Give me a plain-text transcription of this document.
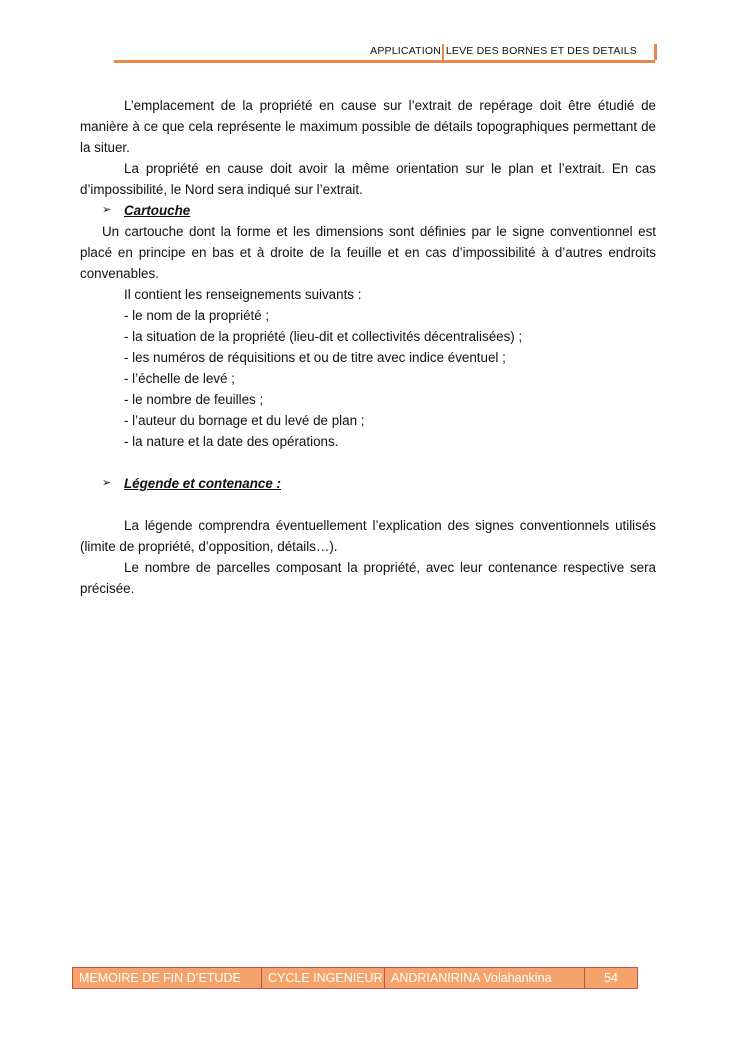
APPLICATION LEVE DES BORNES ET DES DETAILS

L’emplacement de la propriété en cause sur l’extrait de repérage doit être étudié de manière à ce que cela représente le maximum possible de détails topographiques permettant de la situer.

La propriété en cause doit avoir la même orientation sur le plan et l’extrait. En cas d’impossibilité, le Nord sera indiqué sur l’extrait.

➢ Cartouche

Un cartouche dont la forme et les dimensions sont définies par le signe conventionnel est placé en principe en bas et à droite de la feuille et en cas d’impossibilité à d’autres endroits convenables.

Il contient les renseignements suivants :

- le nom de la propriété ;

- la situation de la propriété (lieu-dit et collectivités décentralisées) ;

- les numéros de réquisitions et ou de titre avec indice éventuel ;

- l’échelle de levé ;

- le nombre de feuilles ;

- l’auteur du bornage et du levé de plan ;

- la nature et la date des opérations.

➢ Légende et contenance :

La légende comprendra éventuellement l’explication des signes conventionnels utilisés (limite de propriété, d’opposition, détails…).

Le nombre de parcelles composant la propriété, avec leur contenance respective sera précisée.

MEMOIRE DE FIN D’ETUDE	CYCLE INGENIEUR ANDRIANIRINA Volahankina	54
